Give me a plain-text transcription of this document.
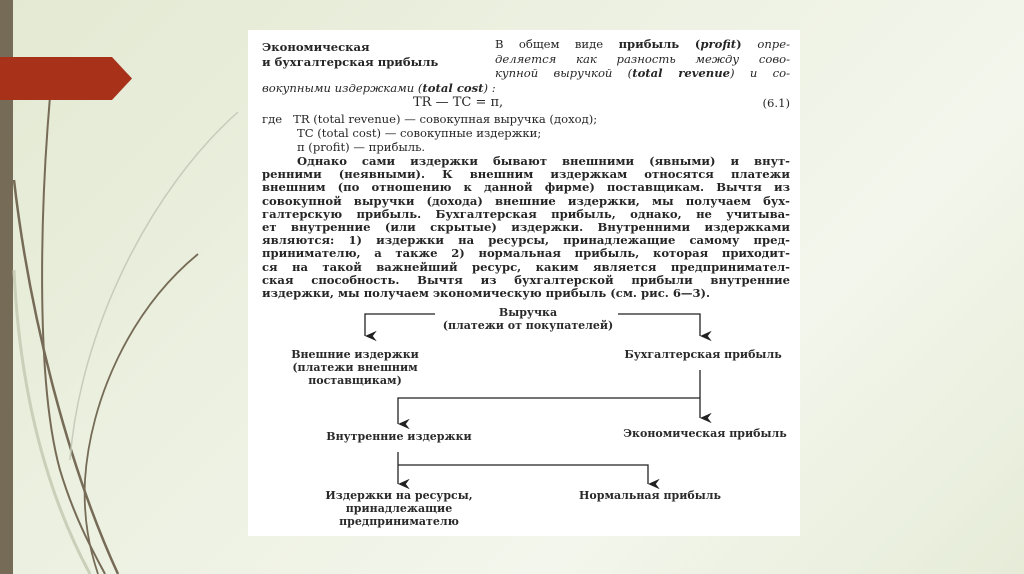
Экономическая
и бухгалтерская прибыль
В общем виде прибыль (profit) опре-
деляется как разность между сово-
купной выручкой (total revenue) и со-
вокупными издержками (total cost) :
TR — TC = π,	(6.1)
где   TR (total revenue) — совокупная выручка (доход);
TC (total cost) — совокупные издержки;
π (profit) — прибыль.
Однако сами издержки бывают внешними (явными) и внут-
ренними (неявными). К внешним издержкам относятся платежи
внешним (по отношению к данной фирме) поставщикам. Вычтя из
совокупной выручки (дохода) внешние издержки, мы получаем бух-
галтерскую прибыль. Бухгалтерская прибыль, однако, не учитыва-
ет внутренние (или скрытые) издержки. Внутренними издержками
являются: 1) издержки на ресурсы, принадлежащие самому пред-
принимателю, а также 2) нормальная прибыль, которая приходит-
ся на такой важнейший ресурс, каким является предпринимател-
ская способность. Вычтя из бухгалтерской прибыли внутренние
издержки, мы получаем экономическую прибыль (см. рис. 6—3).
Выручка
(платежи от покупателей)
Внешние издержки
(платежи внешним
поставщикам)
Бухгалтерская прибыль
Внутренние издержки	Экономическая прибыль
Издержки на ресурсы,
принадлежащие
предпринимателю
Нормальная прибыль
